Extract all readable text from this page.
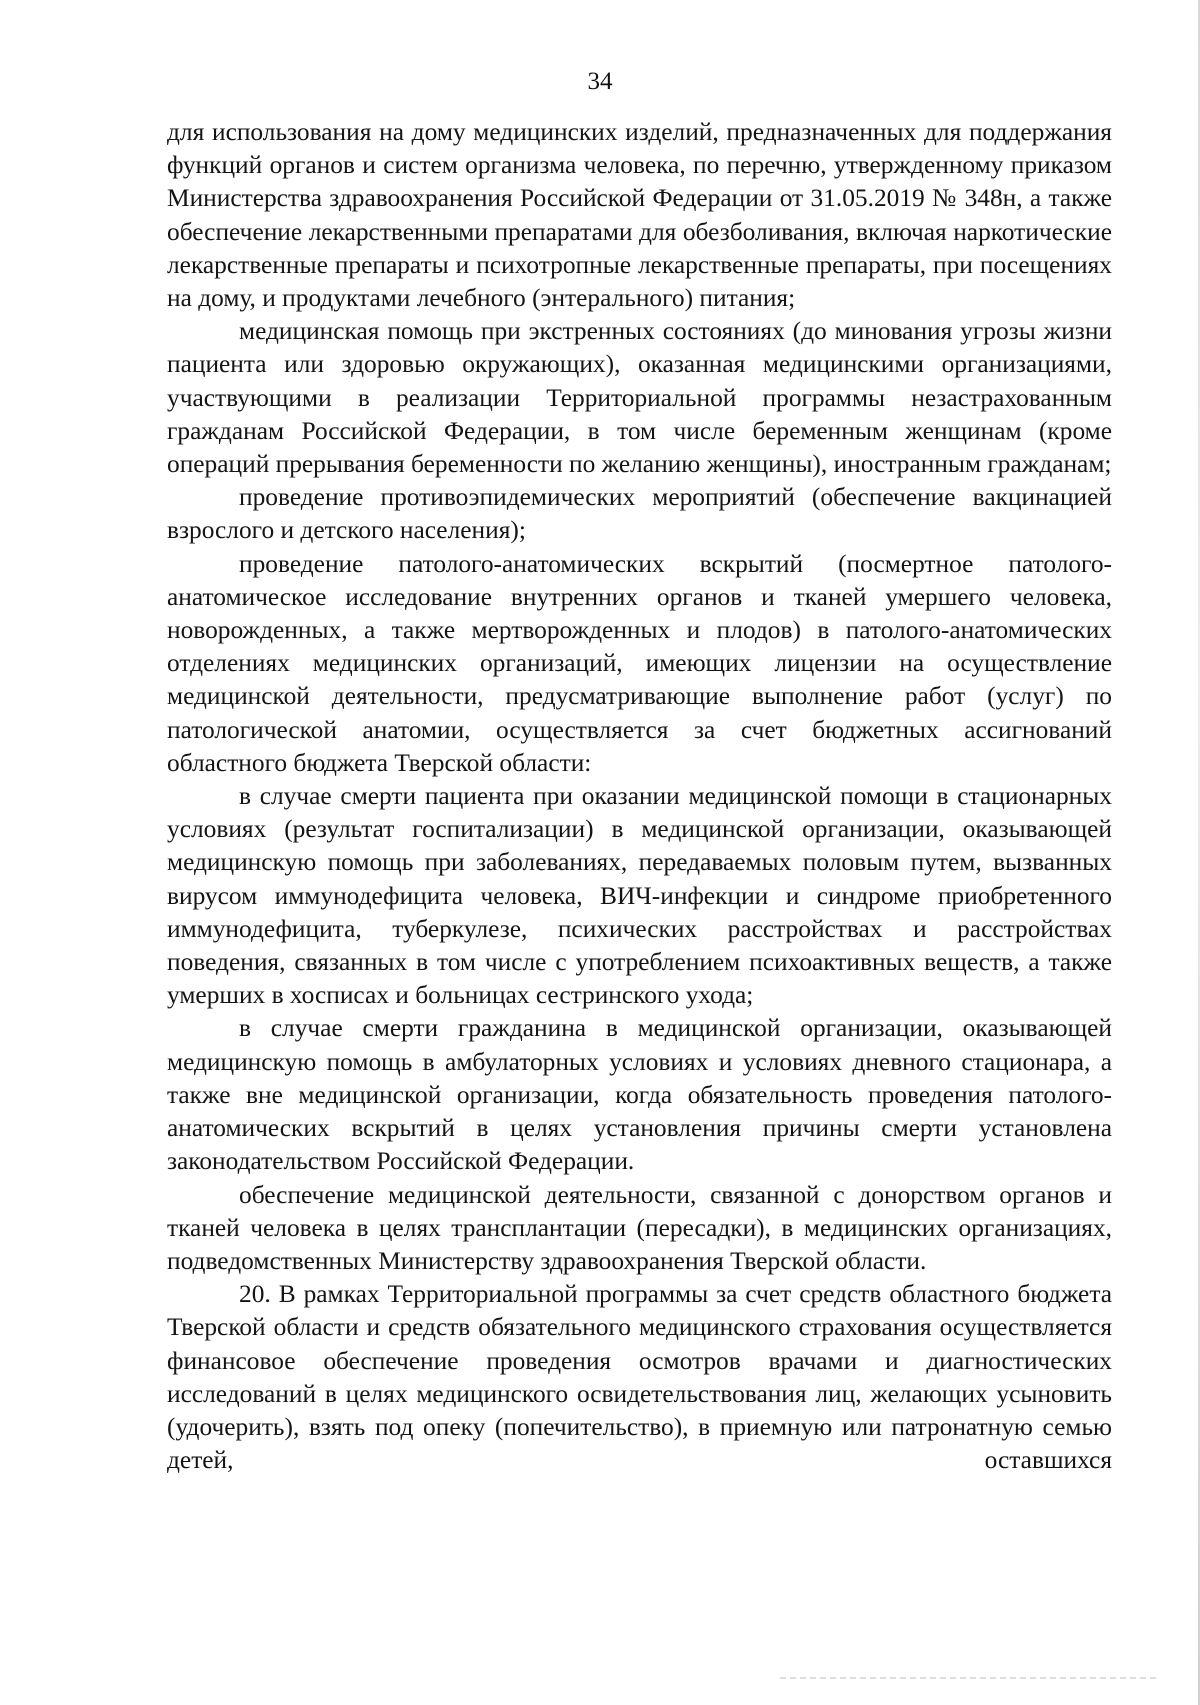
34

для использования на дому медицинских изделий, предназначенных для поддержания функций органов и систем организма человека, по перечню, утвержденному приказом Министерства здравоохранения Российской Федерации от 31.05.2019 № 348н, а также обеспечение лекарственными препаратами для обезболивания, включая наркотические лекарственные препараты и психотропные лекарственные препараты, при посещениях на дому, и продуктами лечебного (энтерального) питания;

медицинская помощь при экстренных состояниях (до минования угрозы жизни пациента или здоровью окружающих), оказанная медицинскими организациями, участвующими в реализации Территориальной программы незастрахованным гражданам Российской Федерации, в том числе беременным женщинам (кроме операций прерывания беременности по желанию женщины), иностранным гражданам;

проведение противоэпидемических мероприятий (обеспечение вакцинацией взрослого и детского населения);

проведение патолого-анатомических вскрытий (посмертное патолого-анатомическое исследование внутренних органов и тканей умершего человека, новорожденных, а также мертворожденных и плодов) в патолого-анатомических отделениях медицинских организаций, имеющих лицензии на осуществление медицинской деятельности, предусматривающие выполнение работ (услуг) по патологической анатомии, осуществляется за счет бюджетных ассигнований областного бюджета Тверской области:

в случае смерти пациента при оказании медицинской помощи в стационарных условиях (результат госпитализации) в медицинской организации, оказывающей медицинскую помощь при заболеваниях, передаваемых половым путем, вызванных вирусом иммунодефицита человека, ВИЧ-инфекции и синдроме приобретенного иммунодефицита, туберкулезе, психических расстройствах и расстройствах поведения, связанных в том числе с употреблением психоактивных веществ, а также умерших в хосписах и больницах сестринского ухода;

в случае смерти гражданина в медицинской организации, оказывающей медицинскую помощь в амбулаторных условиях и условиях дневного стационара, а также вне медицинской организации, когда обязательность проведения патолого-анатомических вскрытий в целях установления причины смерти установлена законодательством Российской Федерации.

обеспечение медицинской деятельности, связанной с донорством органов и тканей человека в целях трансплантации (пересадки), в медицинских организациях, подведомственных Министерству здравоохранения Тверской области.

20. В рамках Территориальной программы за счет средств областного бюджета Тверской области и средств обязательного медицинского страхования осуществляется финансовое обеспечение проведения осмотров врачами и диагностических исследований в целях медицинского освидетельствования лиц, желающих усыновить (удочерить), взять под опеку (попечительство), в приемную или патронатную семью детей, оставшихся
